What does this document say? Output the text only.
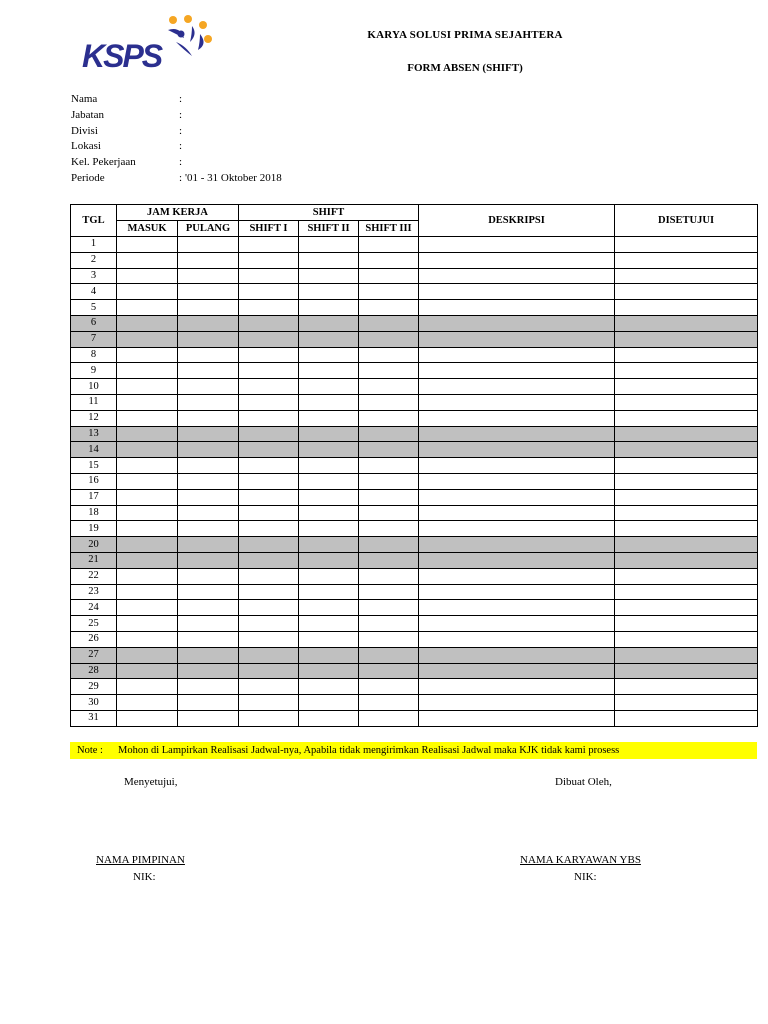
KSPS
KARYA SOLUSI PRIMA SEJAHTERA
FORM ABSEN (SHIFT)
Nama	:
Jabatan	:
Divisi	:
Lokasi	:
Kel. Pekerjaan	:
Periode	: '01 - 31 Oktober 2018
TGL	JAM KERJA		SHIFT			DESKRIPSI	DISETUJUI
	MASUK	PULANG	SHIFT I	SHIFT II	SHIFT III		
1							
2							
3							
4							
5							
6							
7							
8							
9							
10							
11							
12							
13							
14							
15							
16							
17							
18							
19							
20							
21							
22							
23							
24							
25							
26							
27							
28							
29							
30							
31							
Note : Mohon di Lampirkan Realisasi Jadwal-nya, Apabila tidak mengirimkan Realisasi Jadwal maka KJK tidak kami prosess
Menyetujui,	Dibuat Oleh,
NAMA PIMPINAN	NAMA KARYAWAN YBS
NIK:	NIK:
